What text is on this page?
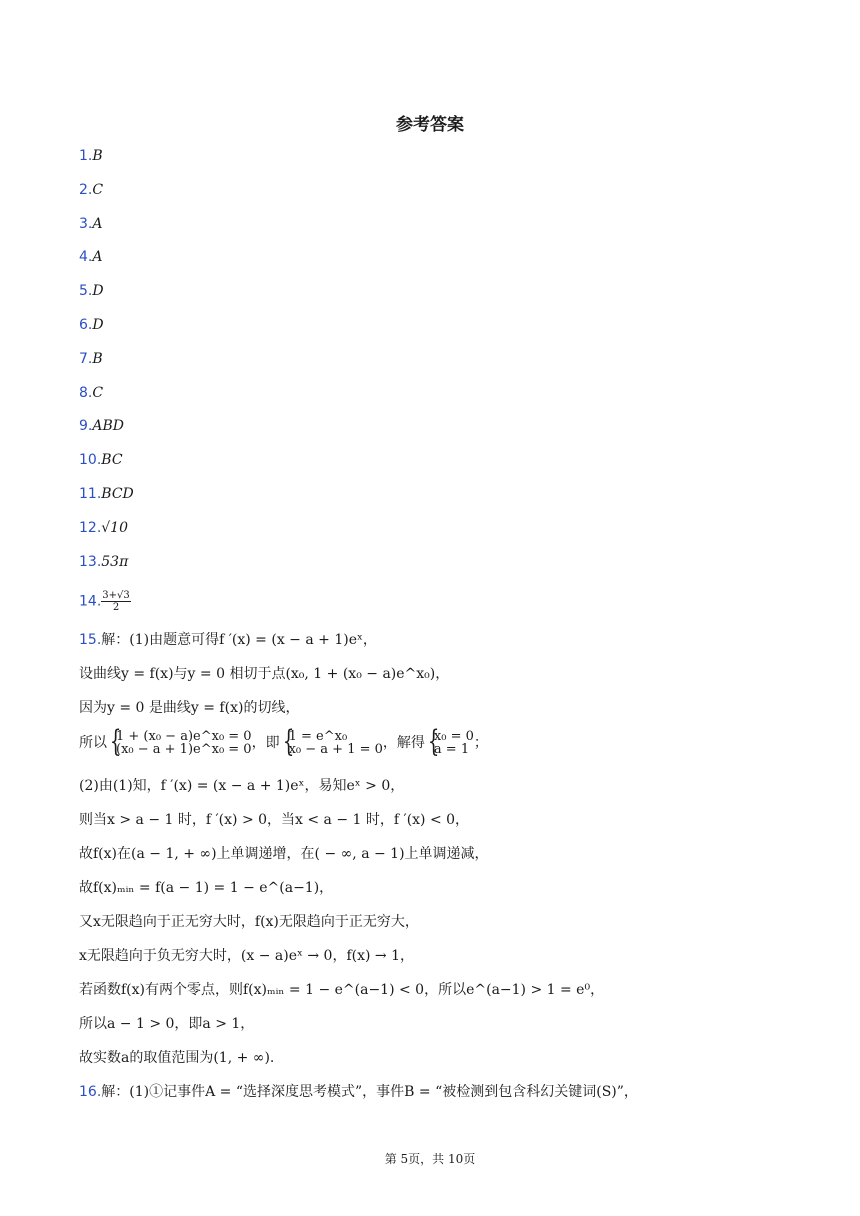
参考答案
1.B
2.C
3.A
4.A
5.D
6.D
7.B
8.C
9.ABD
10.BC
11.BCD
12.√10
13.53π
14. $\frac{3+√3}{2}$
15.解：(1)由题意可得f ′(x) = (x − a + 1)eˣ，
设曲线y = f(x)与y = 0 相切于点(x₀, 1 + (x₀ − a)e^x₀)，
因为y = 0 是曲线y = f(x)的切线，
所以 { 1 + (x₀ − a)e^x₀ = 0
(x₀ − a + 1)e^x₀ = 0 ，即 { 1 = e^x₀
x₀ − a + 1 = 0 ，解得 { x₀ = 0
a = 1 ；
(2)由(1)知，f ′(x) = (x − a + 1)eˣ，易知eˣ > 0，
则当x > a − 1 时，f ′(x) > 0，当x < a − 1 时，f ′(x) < 0，
故f(x)在(a − 1, + ∞)上单调递增，在( − ∞, a − 1)上单调递减，
故f(x)ₘᵢₙ = f(a − 1) = 1 − e^(a−1)，
又x无限趋向于正无穷大时，f(x)无限趋向于正无穷大，
x无限趋向于负无穷大时，(x − a)eˣ → 0，f(x) → 1，
若函数f(x)有两个零点，则f(x)ₘᵢₙ = 1 − e^(a−1) < 0，所以e^(a−1) > 1 = e⁰，
所以a − 1 > 0，即a > 1，
故实数a的取值范围为(1, + ∞).
16.解：(1)①记事件A = “选择深度思考模式”，事件B = “被检测到包含科幻关键词(S)”，
第 5页，共 10页
